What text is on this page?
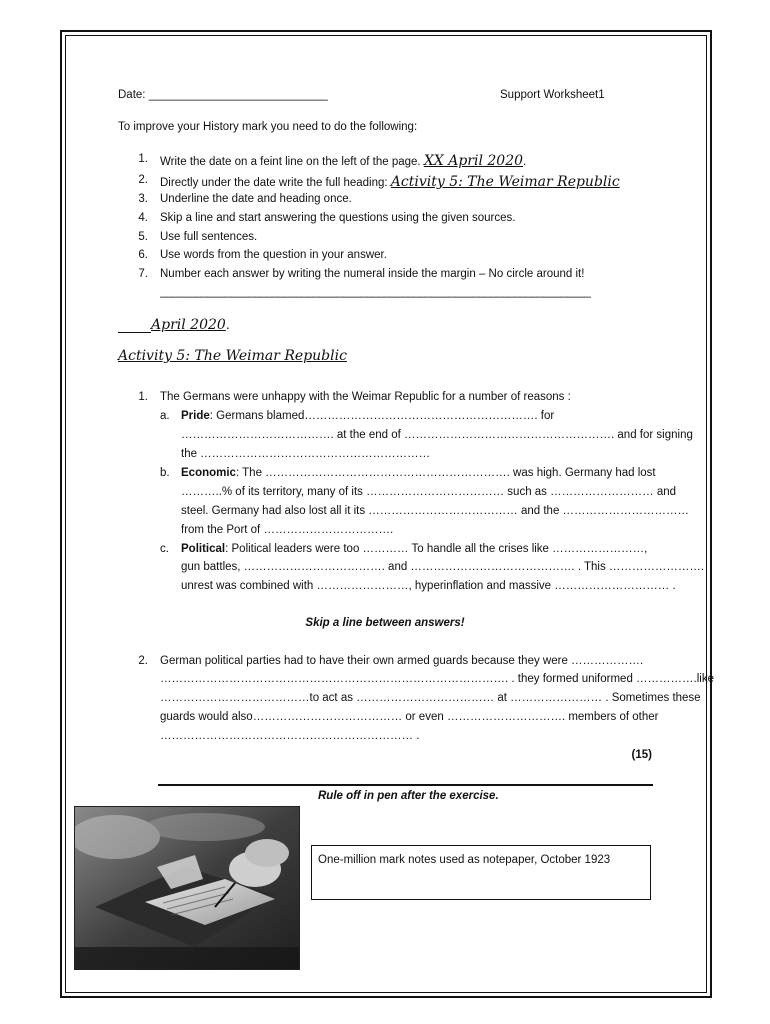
Date: ____________________________	Support Worksheet1
To improve your History mark you need to do the following:
1. Write the date on a feint line on the left of the page. XX April 2020.
2. Directly under the date write the full heading: Activity 5: The Weimar Republic
3. Underline the date and heading once.
4. Skip a line and start answering the questions using the given sources.
5. Use full sentences.
6. Use words from the question in your answer.
7. Number each answer by writing the numeral inside the margin – No circle around it!
_________________________________________________________________________
April 2020.
Activity 5: The Weimar Republic
1. The Germans were unhappy with the Weimar Republic for a number of reasons :
a. Pride: Germans blamed……………………………………………………. for
…………………………………. at the end of ………………………………………………. and for signing
the ……………………………………………………
b. Economic: The ………………………………………………………. was high. Germany had lost
………..% of its territory, many of its ……………………………… such as ……………………… and
steel. Germany had also lost all it its ………………………………… and the ……………………………
from the Port of …………………………….
c. Political: Political leaders were too ………… To handle all the crises like ……………………,
gun battles, ………………………………. and ……………………………………. . This …………………….
unrest was combined with ……………………, hyperinflation and massive ………………………… .
Skip a line between answers!
2. German political parties had to have their own armed guards because they were ……………….
………………………………………………………………………………. . they formed uniformed …………….like
…………………………………to act as ……………………………… at …………………… . Sometimes these
guards would also………………………………… or even …………………………. members of other
………………………………………………………… .
(15)
Rule off in pen after the exercise.
One-million mark notes used as notepaper, October 1923
